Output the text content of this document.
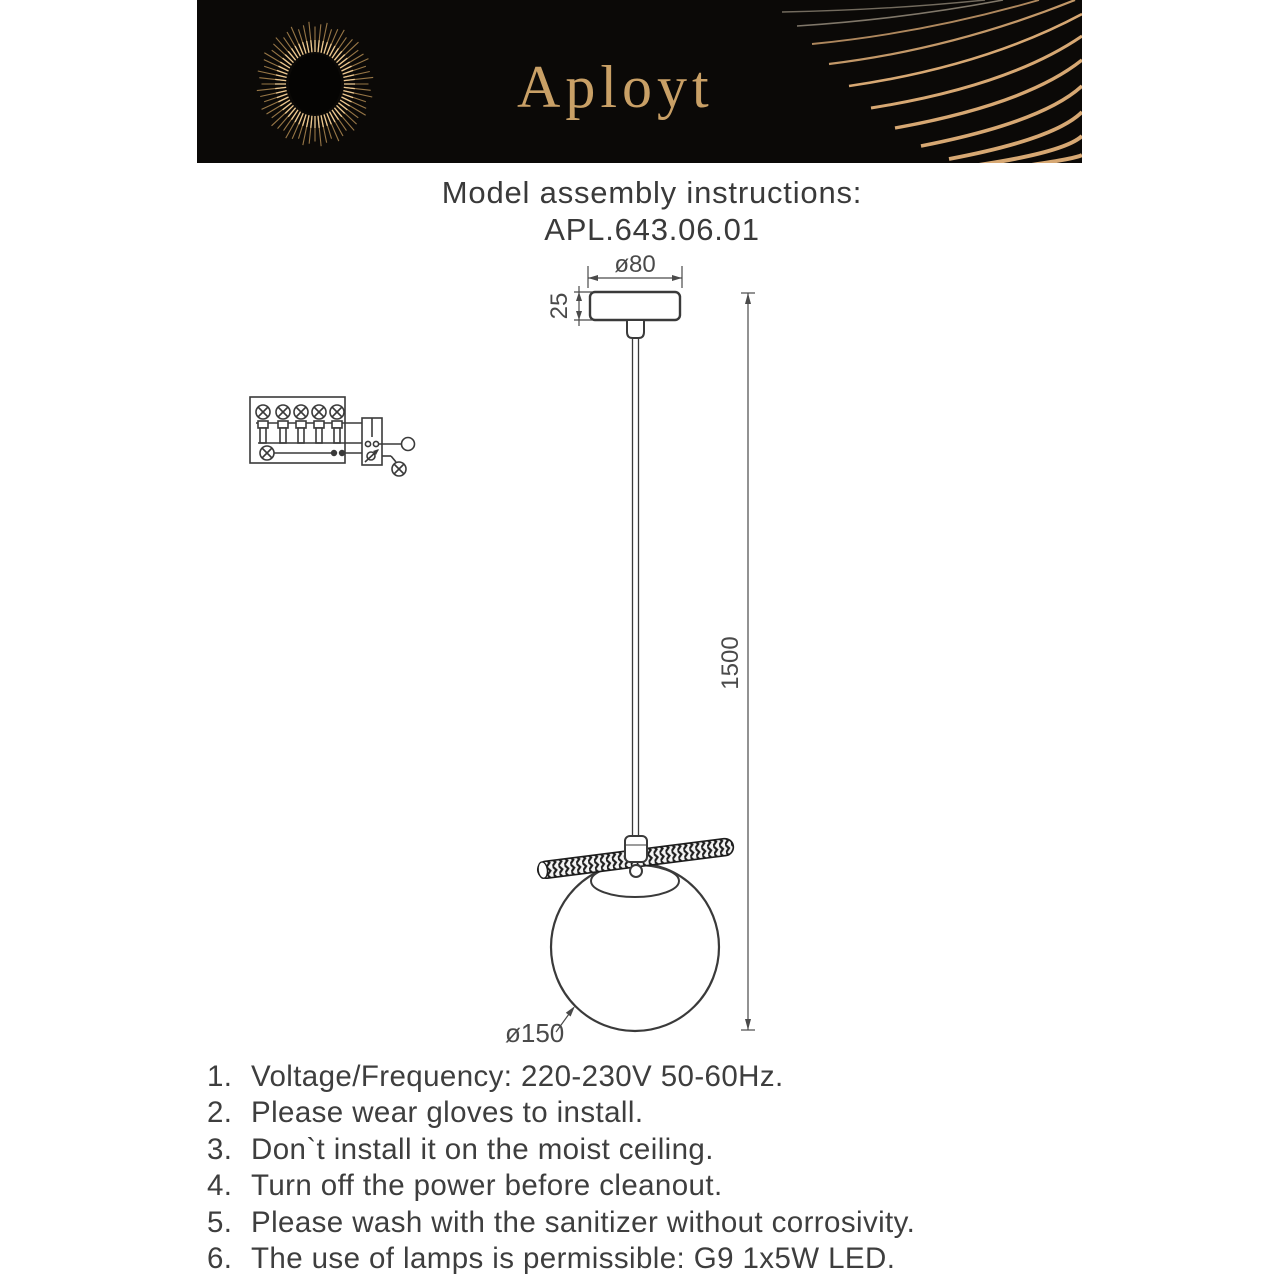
Aployt
Model assembly instructions:
APL.643.06.01
ø80
25
1500
ø150
1. Voltage/Frequency: 220-230V 50-60Hz.
2. Please wear gloves to install.
3. Don`t install it on the moist ceiling.
4. Turn off the power before cleanout.
5. Please wash with the sanitizer without corrosivity.
6. The use of lamps is permissible: G9 1x5W LED.
